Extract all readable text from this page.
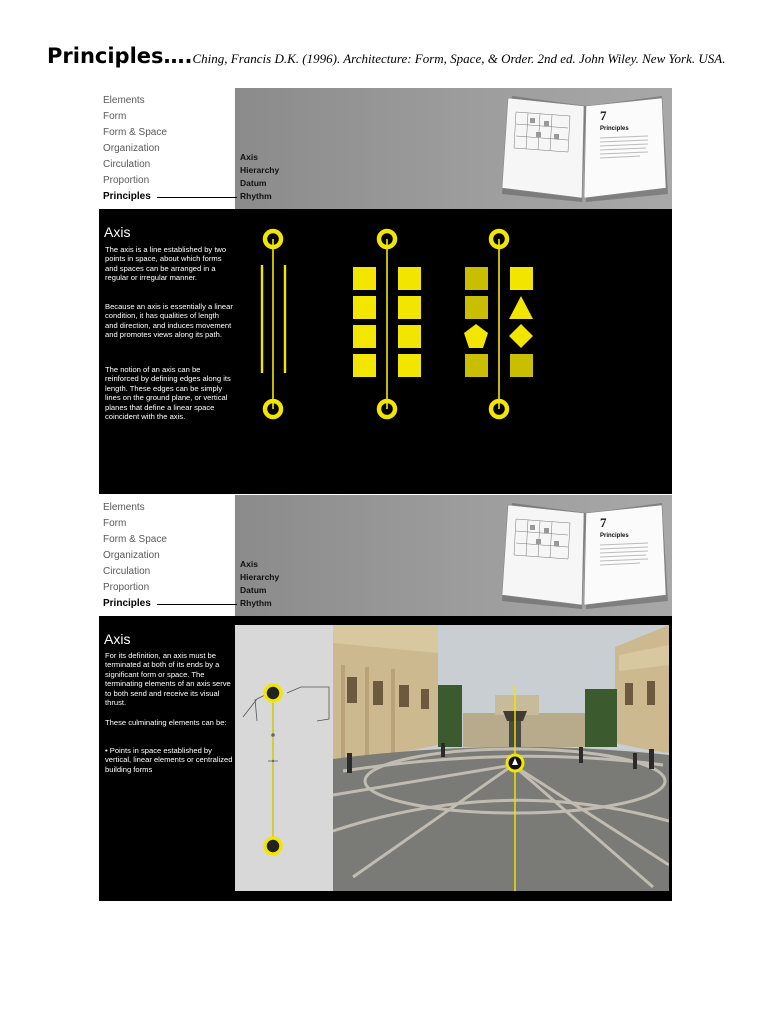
Principles….Ching, Francis D.K. (1996). Architecture: Form, Space, & Order. 2nd ed. John Wiley. New York. USA.
Elements
Form
Form & Space
Organization
Circulation
Proportion
Principles
Axis
Hierarchy
Datum
Rhythm
7
Principles
Axis

The axis is a line established by two points in space, about which forms and spaces can be arranged in a regular or irregular manner.

Because an axis is essentially a linear condition, it has qualities of length and direction, and induces movement and promotes views along its path.

The notion of an axis can be reinforced by defining edges along its length. These edges can be simply lines on the ground plane, or vertical planes that define a linear space coincident with the axis.

Elements
Form
Form & Space
Organization
Circulation
Proportion
Principles
Axis
Hierarchy
Datum
Rhythm
7
Principles
Axis

For its definition, an axis must be terminated at both of its ends by a significant form or space. The terminating elements of an axis serve to both send and receive its visual thrust.

These culminating elements can be:

• Points in space established by vertical, linear elements or centralized building forms
